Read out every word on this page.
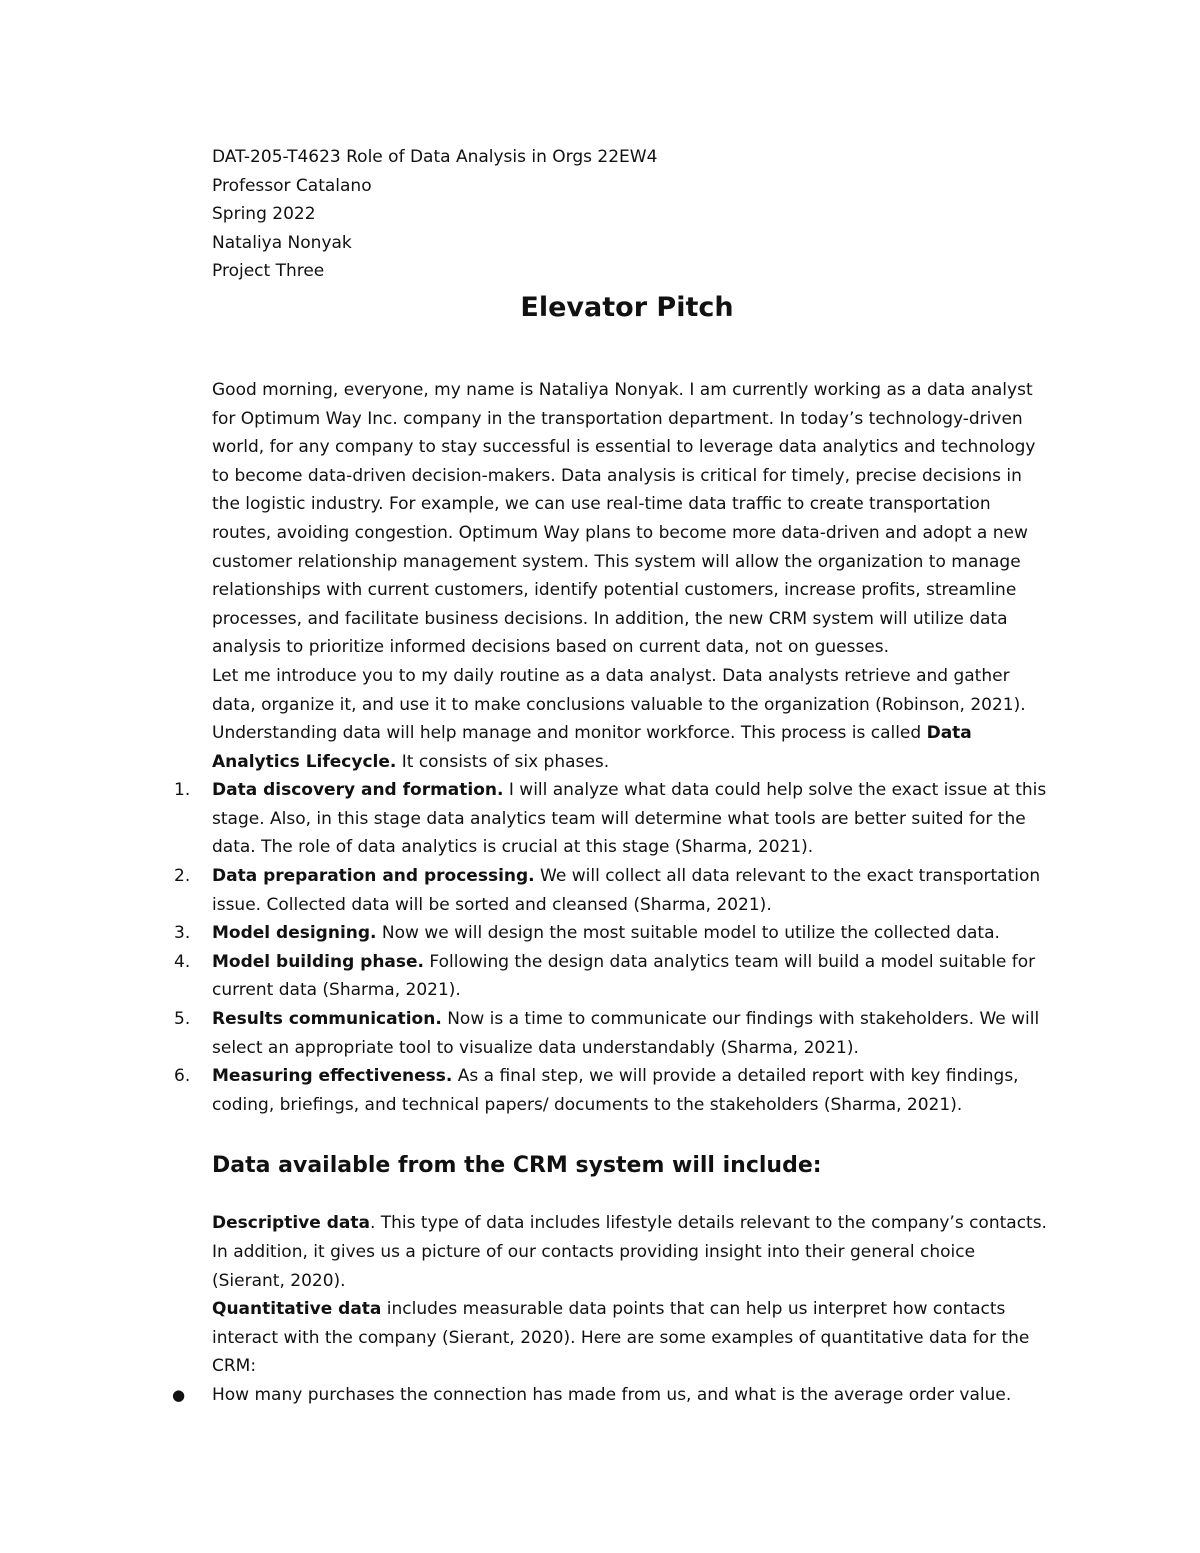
DAT-205-T4623 Role of Data Analysis in Orgs 22EW4
Professor Catalano
Spring 2022
Nataliya Nonyak
Project Three
Elevator Pitch
Good morning, everyone, my name is Nataliya Nonyak. I am currently working as a data analyst
for Optimum Way Inc. company in the transportation department. In today’s technology-driven
world, for any company to stay successful is essential to leverage data analytics and technology
to become data-driven decision-makers. Data analysis is critical for timely, precise decisions in
the logistic industry. For example, we can use real-time data traffic to create transportation
routes, avoiding congestion. Optimum Way plans to become more data-driven and adopt a new
customer relationship management system. This system will allow the organization to manage
relationships with current customers, identify potential customers, increase profits, streamline
processes, and facilitate business decisions. In addition, the new CRM system will utilize data
analysis to prioritize informed decisions based on current data, not on guesses.
Let me introduce you to my daily routine as a data analyst. Data analysts retrieve and gather
data, organize it, and use it to make conclusions valuable to the organization (Robinson, 2021).
Understanding data will help manage and monitor workforce. This process is called Data
Analytics Lifecycle. It consists of six phases.
1. Data discovery and formation. I will analyze what data could help solve the exact issue at this
stage. Also, in this stage data analytics team will determine what tools are better suited for the
data. The role of data analytics is crucial at this stage (Sharma, 2021).
2. Data preparation and processing. We will collect all data relevant to the exact transportation
issue. Collected data will be sorted and cleansed (Sharma, 2021).
3. Model designing. Now we will design the most suitable model to utilize the collected data.
4. Model building phase. Following the design data analytics team will build a model suitable for
current data (Sharma, 2021).
5. Results communication. Now is a time to communicate our findings with stakeholders. We will
select an appropriate tool to visualize data understandably (Sharma, 2021).
6. Measuring effectiveness. As a final step, we will provide a detailed report with key findings,
coding, briefings, and technical papers/ documents to the stakeholders (Sharma, 2021).
Data available from the CRM system will include:
Descriptive data. This type of data includes lifestyle details relevant to the company’s contacts.
In addition, it gives us a picture of our contacts providing insight into their general choice
(Sierant, 2020).
Quantitative data includes measurable data points that can help us interpret how contacts
interact with the company (Sierant, 2020). Here are some examples of quantitative data for the
CRM:
● How many purchases the connection has made from us, and what is the average order value.
